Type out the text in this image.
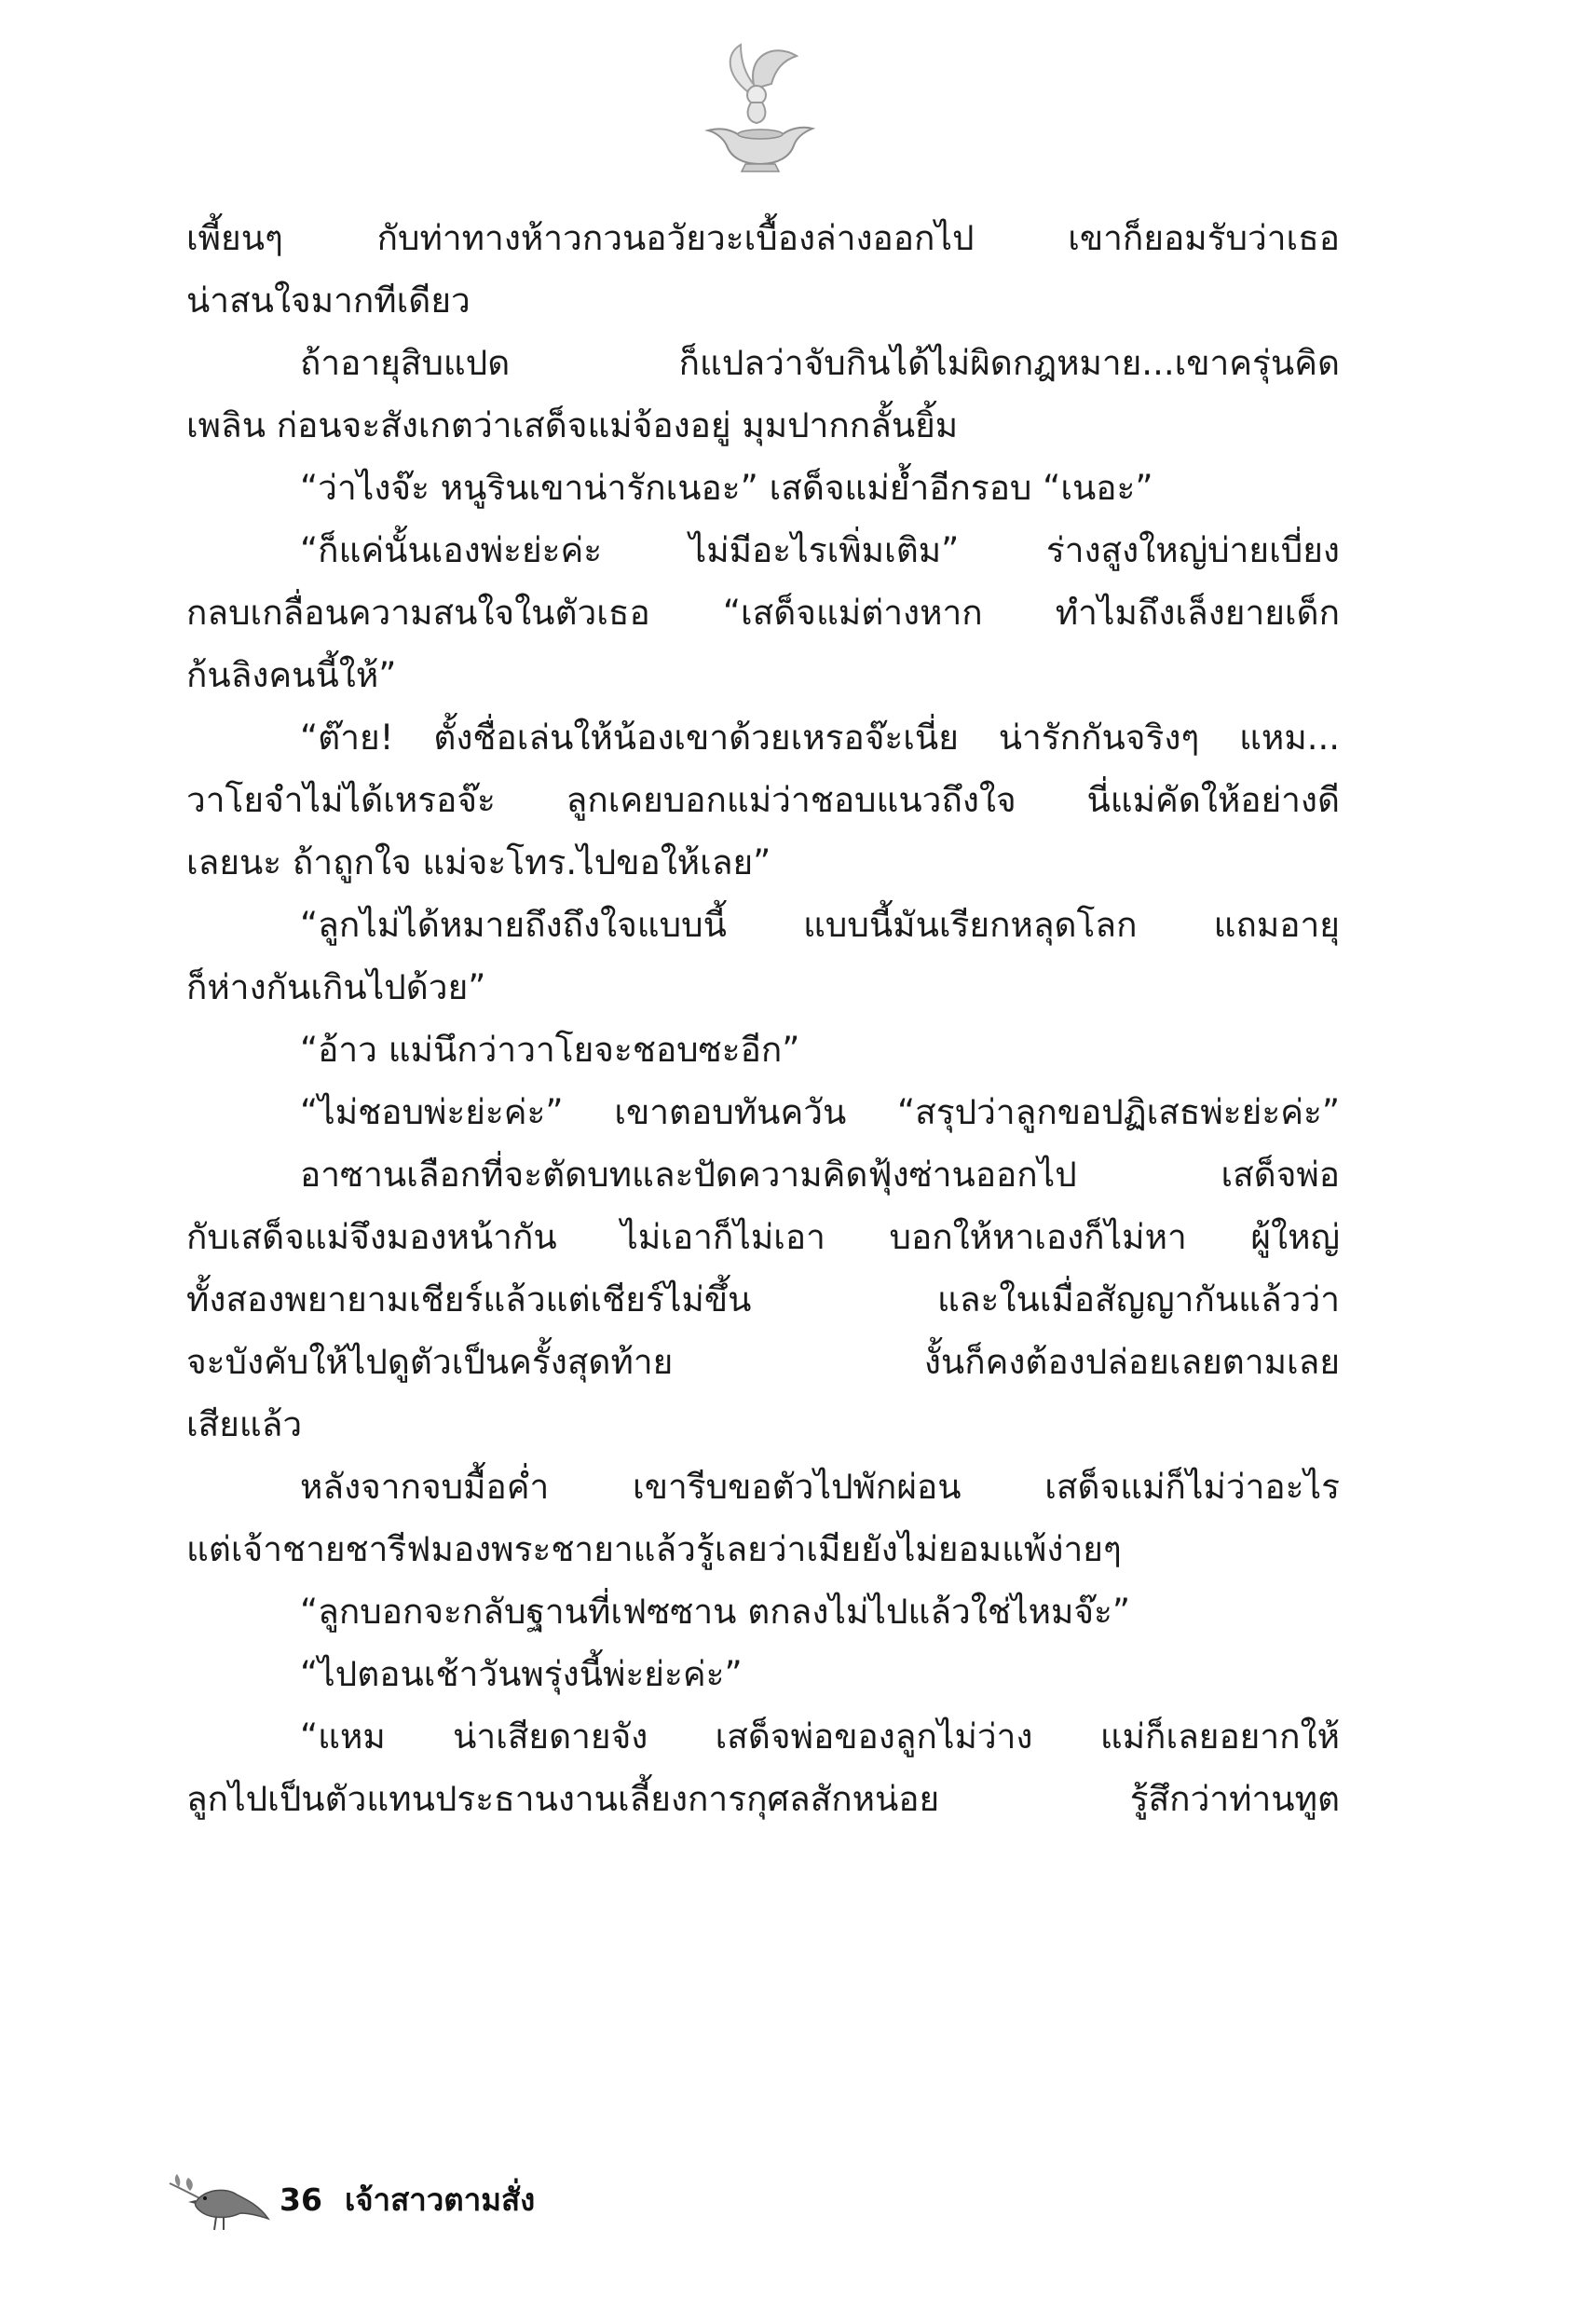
เพี้ยนๆ กับท่าทางห้าวกวนอวัยวะเบื้องล่างออกไป เขาก็ยอมรับว่าเธอ
น่าสนใจมากทีเดียว
ถ้าอายุสิบแปด ก็แปลว่าจับกินได้ไม่ผิดกฎหมาย...เขาครุ่นคิด
เพลิน ก่อนจะสังเกตว่าเสด็จแม่จ้องอยู่ มุมปากกลั้นยิ้ม
“ว่าไงจ๊ะ หนูรินเขาน่ารักเนอะ” เสด็จแม่ย้ำอีกรอบ “เนอะ”
“ก็แค่นั้นเองพ่ะย่ะค่ะ ไม่มีอะไรเพิ่มเติม” ร่างสูงใหญ่บ่ายเบี่ยง
กลบเกลื่อนความสนใจในตัวเธอ “เสด็จแม่ต่างหาก ทำไมถึงเล็งยายเด็ก
ก้นลิงคนนี้ให้”
“ต๊าย! ตั้งชื่อเล่นให้น้องเขาด้วยเหรอจ๊ะเนี่ย น่ารักกันจริงๆ แหม...
วาโยจำไม่ได้เหรอจ๊ะ ลูกเคยบอกแม่ว่าชอบแนวถึงใจ นี่แม่คัดให้อย่างดี
เลยนะ ถ้าถูกใจ แม่จะโทร.ไปขอให้เลย”
“ลูกไม่ได้หมายถึงถึงใจแบบนี้ แบบนี้มันเรียกหลุดโลก แถมอายุ
ก็ห่างกันเกินไปด้วย”
“อ้าว แม่นึกว่าวาโยจะชอบซะอีก”
“ไม่ชอบพ่ะย่ะค่ะ” เขาตอบทันควัน “สรุปว่าลูกขอปฏิเสธพ่ะย่ะค่ะ”
อาซานเลือกที่จะตัดบทและปัดความคิดฟุ้งซ่านออกไป เสด็จพ่อ
กับเสด็จแม่จึงมองหน้ากัน ไม่เอาก็ไม่เอา บอกให้หาเองก็ไม่หา ผู้ใหญ่
ทั้งสองพยายามเชียร์แล้วแต่เชียร์ไม่ขึ้น และในเมื่อสัญญากันแล้วว่า
จะบังคับให้ไปดูตัวเป็นครั้งสุดท้าย งั้นก็คงต้องปล่อยเลยตามเลย
เสียแล้ว
หลังจากจบมื้อค่ำ เขารีบขอตัวไปพักผ่อน เสด็จแม่ก็ไม่ว่าอะไร
แต่เจ้าชายชารีฟมองพระชายาแล้วรู้เลยว่าเมียยังไม่ยอมแพ้ง่ายๆ
“ลูกบอกจะกลับฐานที่เฟซซาน ตกลงไม่ไปแล้วใช่ไหมจ๊ะ”
“ไปตอนเช้าวันพรุ่งนี้พ่ะย่ะค่ะ”
“แหม น่าเสียดายจัง เสด็จพ่อของลูกไม่ว่าง แม่ก็เลยอยากให้
ลูกไปเป็นตัวแทนประธานงานเลี้ยงการกุศลสักหน่อย รู้สึกว่าท่านทูต
36 เจ้าสาวตามสั่ง
